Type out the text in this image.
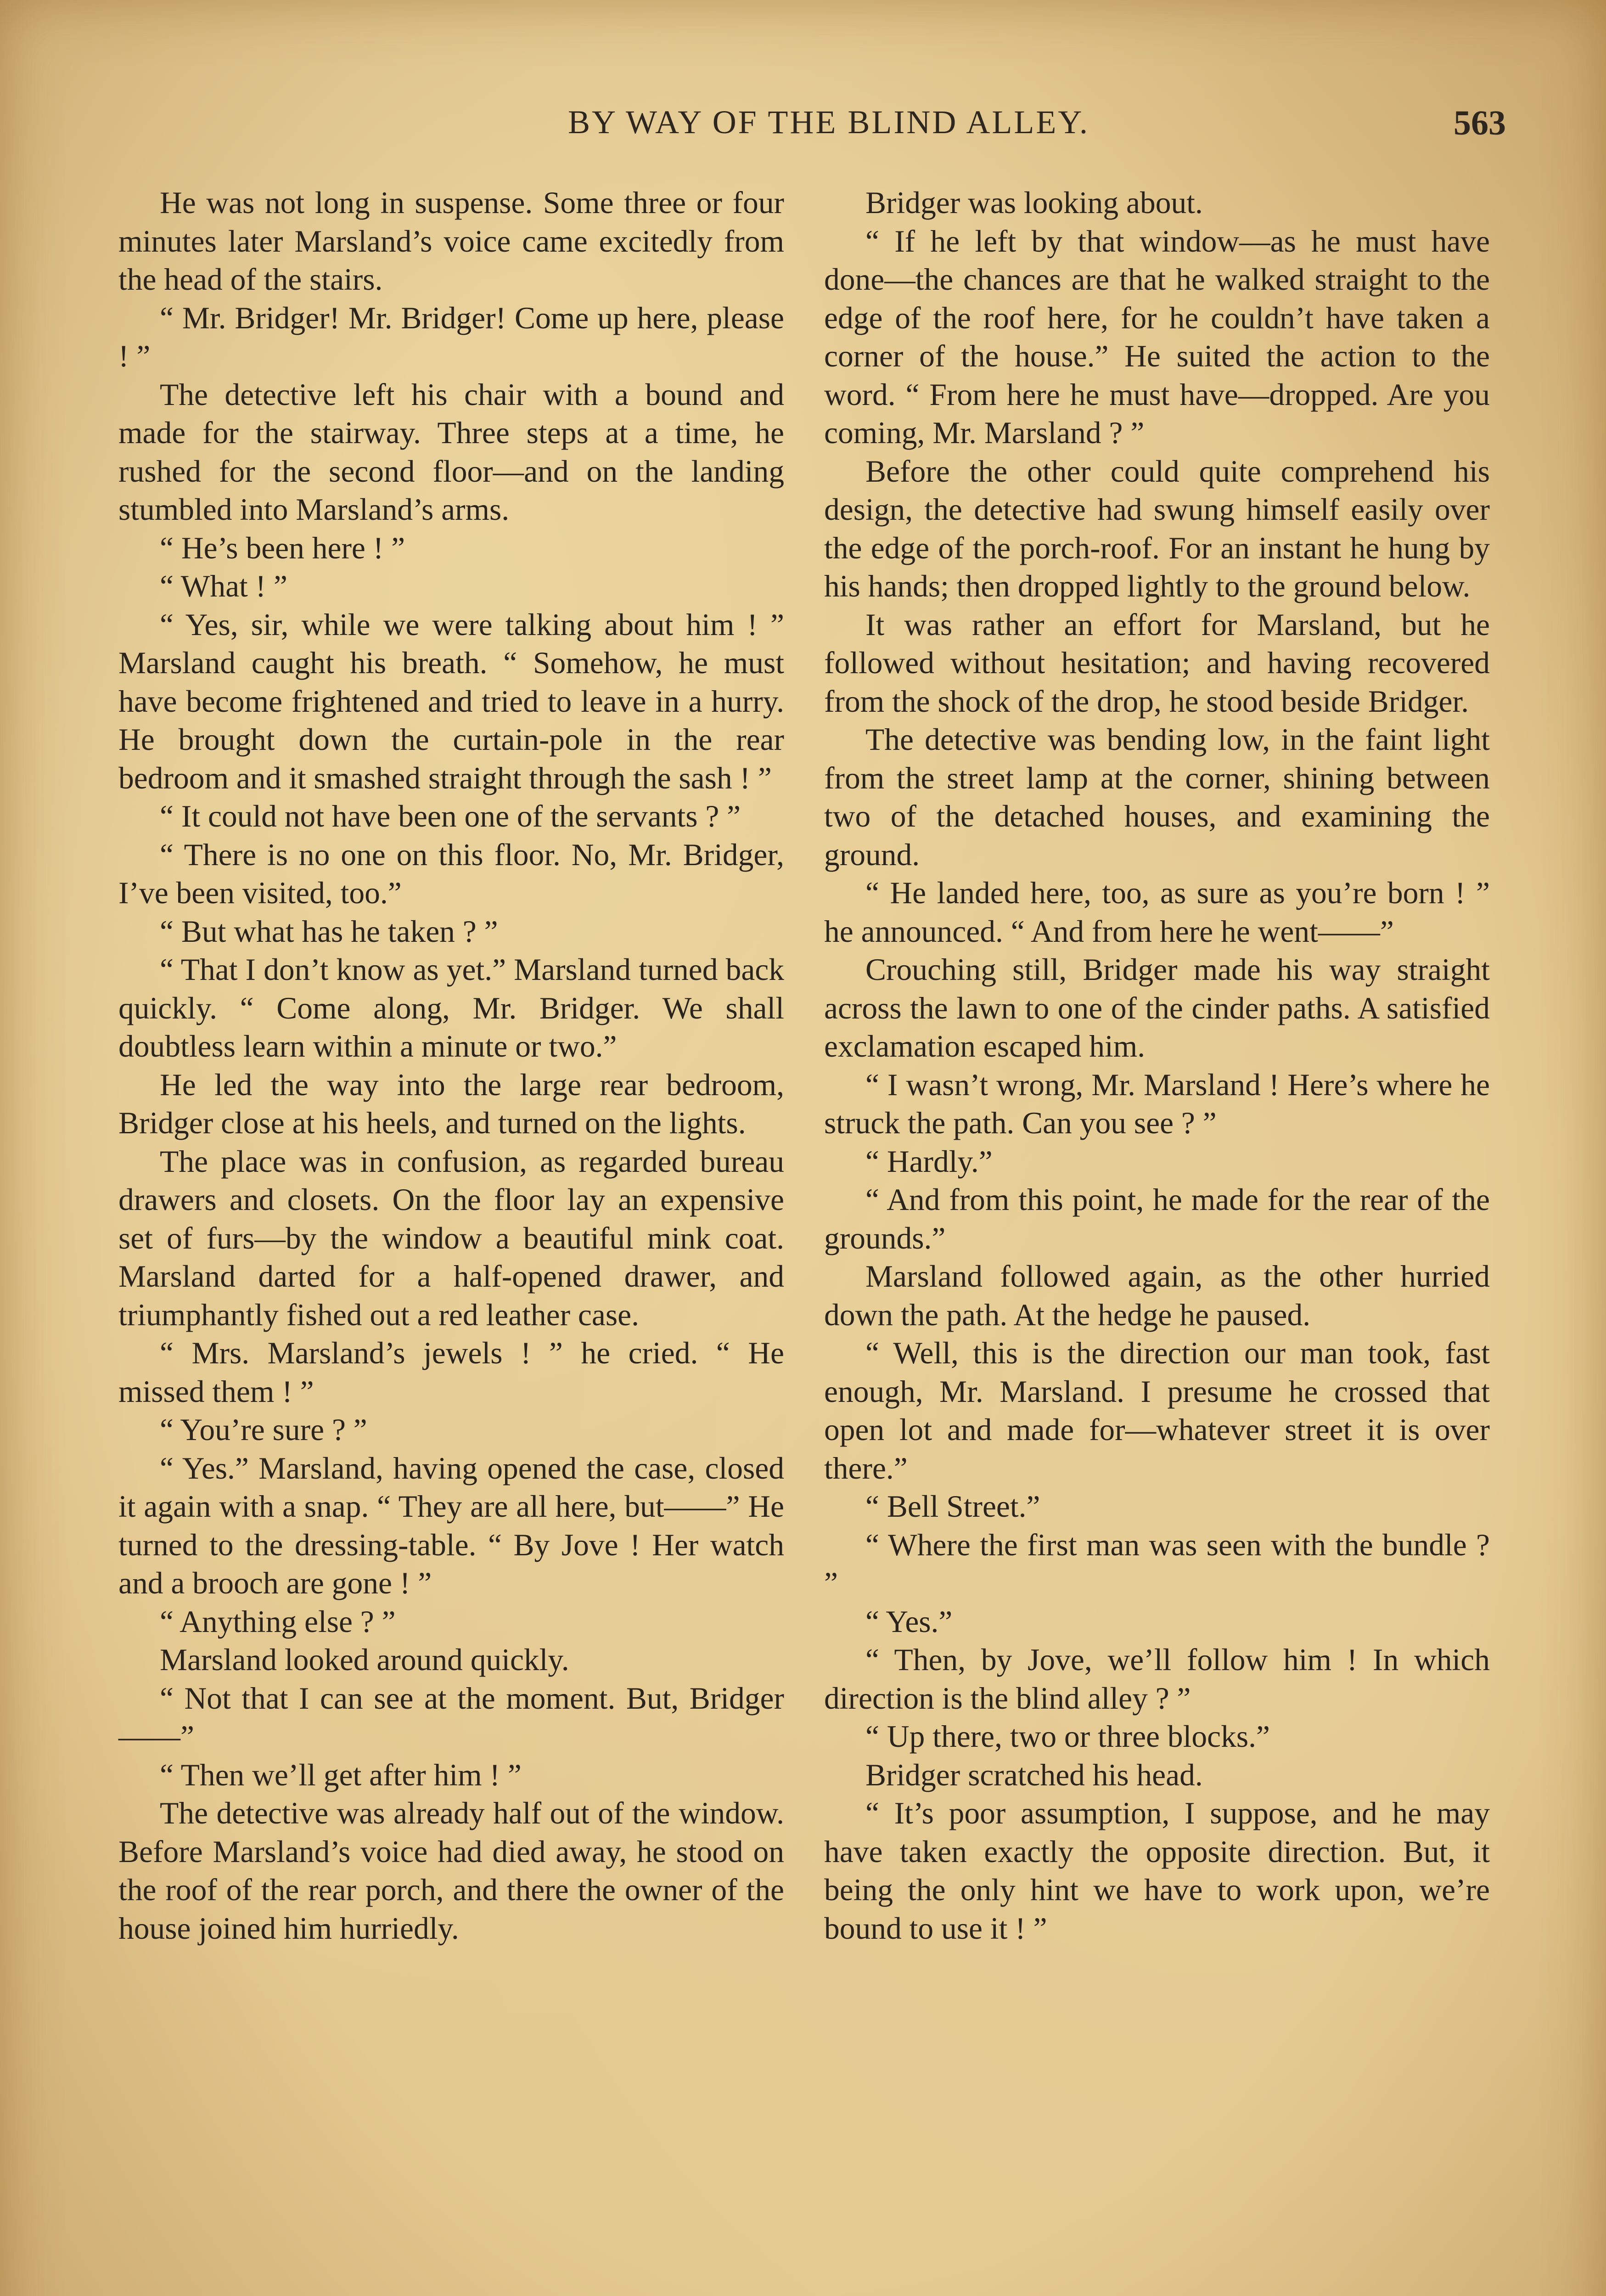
BY WAY OF THE BLIND ALLEY.	563

He was not long in suspense. Some three or four minutes later Marsland’s voice came excitedly from the head of the stairs.

“ Mr. Bridger! Mr. Bridger! Come up here, please ! ”

The detective left his chair with a bound and made for the stairway. Three steps at a time, he rushed for the second floor—and on the landing stumbled into Marsland’s arms.

“ He’s been here ! ”

“ What ! ”

“ Yes, sir, while we were talking about him ! ” Marsland caught his breath. “ Somehow, he must have become frightened and tried to leave in a hurry. He brought down the curtain-pole in the rear bedroom and it smashed straight through the sash ! ”

“ It could not have been one of the servants ? ”

“ There is no one on this floor. No, Mr. Bridger, I’ve been visited, too.”

“ But what has he taken ? ”

“ That I don’t know as yet.” Marsland turned back quickly. “ Come along, Mr. Bridger. We shall doubtless learn within a minute or two.”

He led the way into the large rear bedroom, Bridger close at his heels, and turned on the lights.

The place was in confusion, as regarded bureau drawers and closets. On the floor lay an expensive set of furs—by the window a beautiful mink coat. Marsland darted for a half-opened drawer, and triumphantly fished out a red leather case.

“ Mrs. Marsland’s jewels ! ” he cried. “ He missed them ! ”

“ You’re sure ? ”

“ Yes.” Marsland, having opened the case, closed it again with a snap. “ They are all here, but——” He turned to the dressing-table. “ By Jove ! Her watch and a brooch are gone ! ”

“ Anything else ? ”

Marsland looked around quickly.

“ Not that I can see at the moment. But, Bridger——”

“ Then we’ll get after him ! ”

The detective was already half out of the window. Before Marsland’s voice had died away, he stood on the roof of the rear porch, and there the owner of the house joined him hurriedly.

Bridger was looking about.

“ If he left by that window—as he must have done—the chances are that he walked straight to the edge of the roof here, for he couldn’t have taken a corner of the house.” He suited the action to the word. “ From here he must have—dropped. Are you coming, Mr. Marsland ? ”

Before the other could quite comprehend his design, the detective had swung himself easily over the edge of the porch-roof. For an instant he hung by his hands; then dropped lightly to the ground below.

It was rather an effort for Marsland, but he followed without hesitation; and having recovered from the shock of the drop, he stood beside Bridger.

The detective was bending low, in the faint light from the street lamp at the corner, shining between two of the detached houses, and examining the ground.

“ He landed here, too, as sure as you’re born ! ” he announced. “ And from here he went——”

Crouching still, Bridger made his way straight across the lawn to one of the cinder paths. A satisfied exclamation escaped him.

“ I wasn’t wrong, Mr. Marsland ! Here’s where he struck the path. Can you see ? ”

“ Hardly.”

“ And from this point, he made for the rear of the grounds.”

Marsland followed again, as the other hurried down the path. At the hedge he paused.

“ Well, this is the direction our man took, fast enough, Mr. Marsland. I presume he crossed that open lot and made for—whatever street it is over there.”

“ Bell Street.”

“ Where the first man was seen with the bundle ? ”

“ Yes.”

“ Then, by Jove, we’ll follow him ! In which direction is the blind alley ? ”

“ Up there, two or three blocks.”

Bridger scratched his head.

“ It’s poor assumption, I suppose, and he may have taken exactly the opposite direction. But, it being the only hint we have to work upon, we’re bound to use it ! ”
